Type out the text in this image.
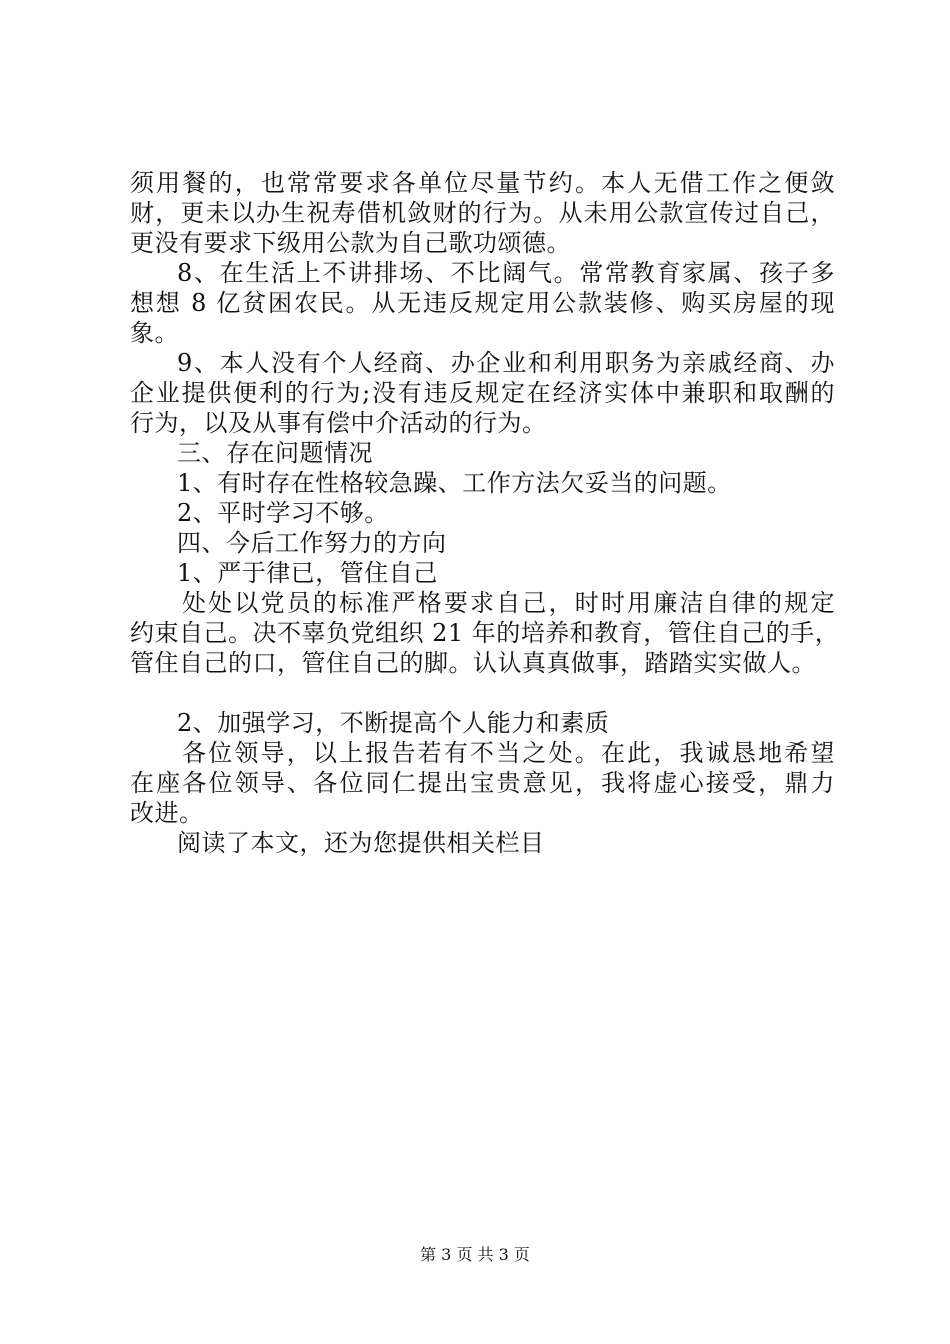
须用餐的，也常常要求各单位尽量节约。本人无借工作之便敛
财，更未以办生祝寿借机敛财的行为。从未用公款宣传过自己，
更没有要求下级用公款为自己歌功颂德。
8、在生活上不讲排场、不比阔气。常常教育家属、孩子多
想想 8 亿贫困农民。从无违反规定用公款装修、购买房屋的现
象。
9、本人没有个人经商、办企业和利用职务为亲戚经商、办
企业提供便利的行为;没有违反规定在经济实体中兼职和取酬的
行为，以及从事有偿中介活动的行为。
三、存在问题情况
1、有时存在性格较急躁、工作方法欠妥当的问题。
2、平时学习不够。
四、今后工作努力的方向
1、严于律已，管住自己
处处以党员的标准严格要求自己，时时用廉洁自律的规定
约束自己。决不辜负党组织 21 年的培养和教育，管住自己的手，
管住自己的口，管住自己的脚。认认真真做事，踏踏实实做人。
2、加强学习，不断提高个人能力和素质
各位领导，以上报告若有不当之处。在此，我诚恳地希望
在座各位领导、各位同仁提出宝贵意见，我将虚心接受，鼎力
改进。
阅读了本文，还为您提供相关栏目
第 3 页 共 3 页
